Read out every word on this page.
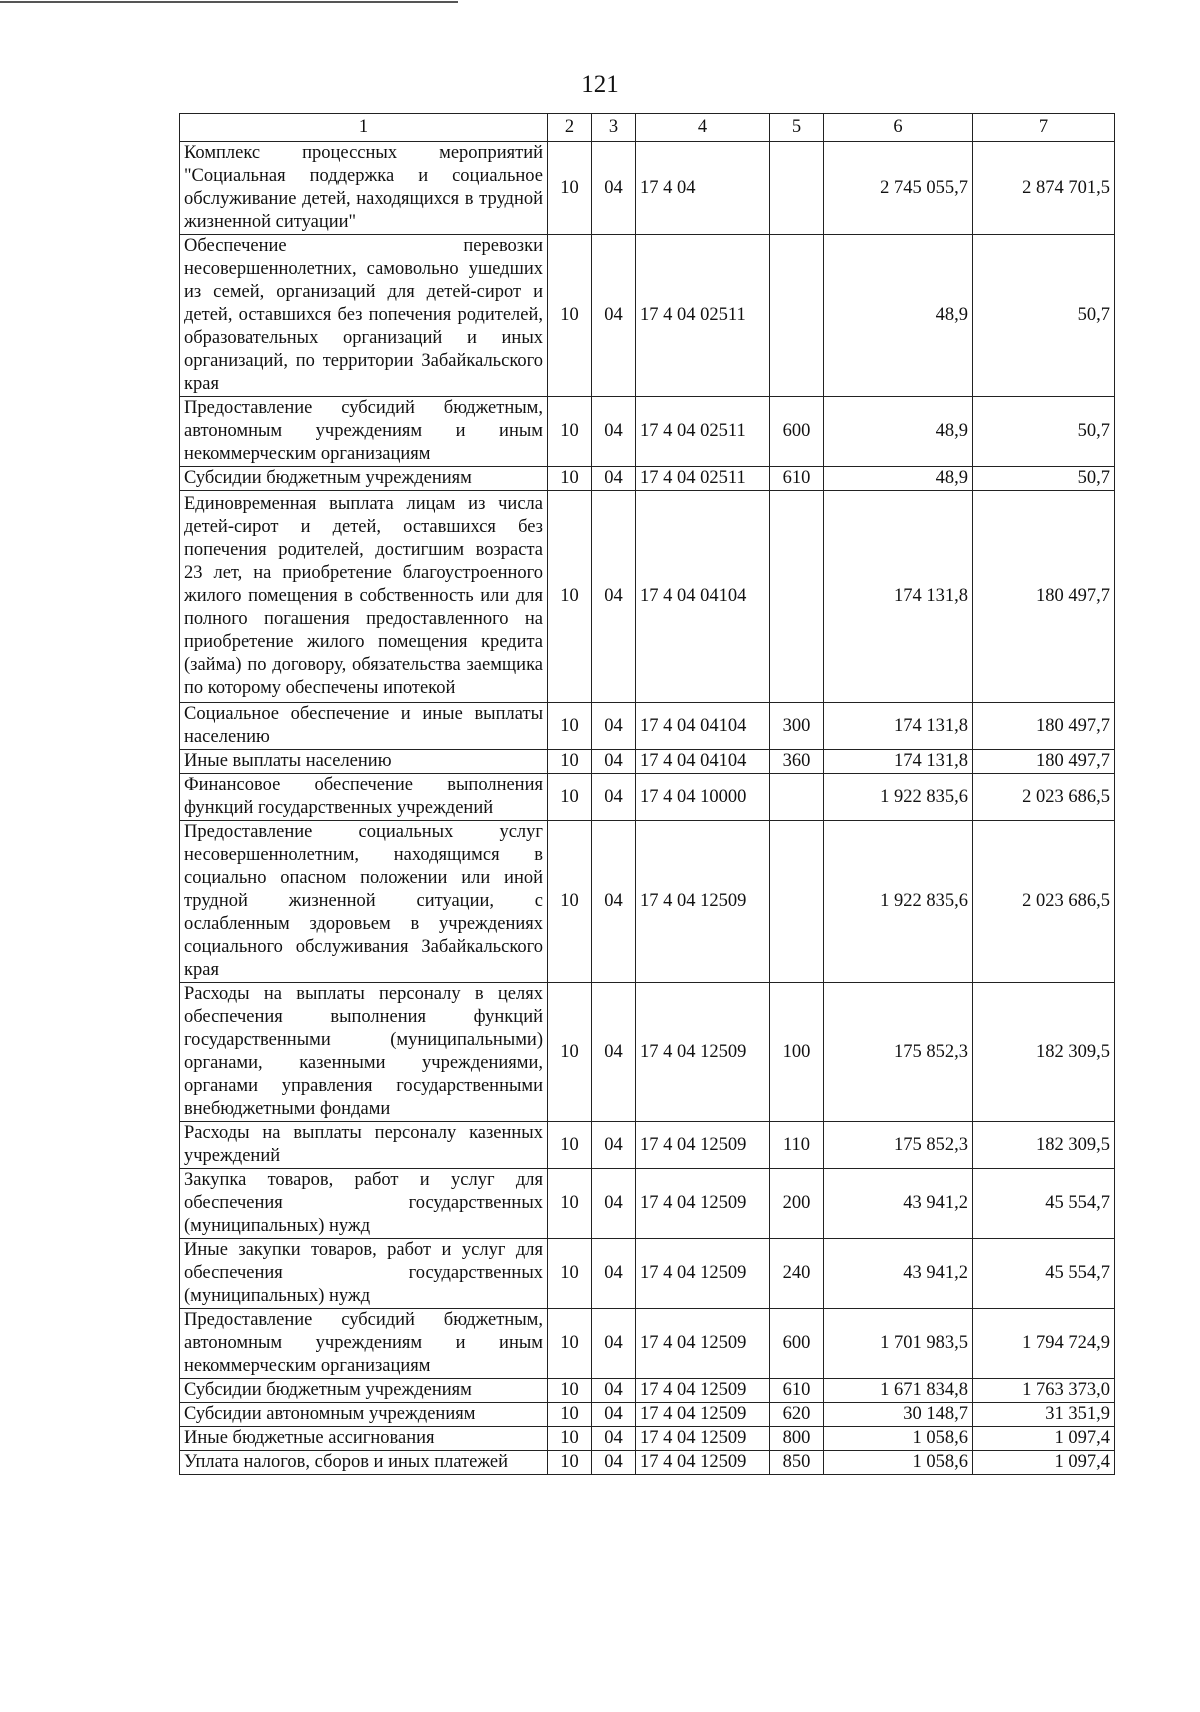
121
1	2	3	4	5	6	7
Комплекс процессных мероприятий "Социальная поддержка и социальное обслуживание детей, находящихся в трудной жизненной ситуации"	10	04	17 4 04		2 745 055,7	2 874 701,5
Обеспечение перевозки несовершеннолетних, самовольно ушедших из семей, организаций для детей-сирот и детей, оставшихся без попечения родителей, образовательных организаций и иных организаций, по территории Забайкальского края	10	04	17 4 04 02511		48,9	50,7
Предоставление субсидий бюджетным, автономным учреждениям и иным некоммерческим организациям	10	04	17 4 04 02511	600	48,9	50,7
Субсидии бюджетным учреждениям	10	04	17 4 04 02511	610	48,9	50,7
Единовременная выплата лицам из числа детей-сирот и детей, оставшихся без попечения родителей, достигшим возраста 23 лет, на приобретение благоустроенного жилого помещения в собственность или для полного погашения предоставленного на приобретение жилого помещения кредита (займа) по договору, обязательства заемщика по которому обеспечены ипотекой	10	04	17 4 04 04104		174 131,8	180 497,7
Социальное обеспечение и иные выплаты населению	10	04	17 4 04 04104	300	174 131,8	180 497,7
Иные выплаты населению	10	04	17 4 04 04104	360	174 131,8	180 497,7
Финансовое обеспечение выполнения функций государственных учреждений	10	04	17 4 04 10000		1 922 835,6	2 023 686,5
Предоставление социальных услуг несовершеннолетним, находящимся в социально опасном положении или иной трудной жизненной ситуации, с ослабленным здоровьем в учреждениях социального обслуживания Забайкальского края	10	04	17 4 04 12509		1 922 835,6	2 023 686,5
Расходы на выплаты персоналу в целях обеспечения выполнения функций государственными (муниципальными) органами, казенными учреждениями, органами управления государственными внебюджетными фондами	10	04	17 4 04 12509	100	175 852,3	182 309,5
Расходы на выплаты персоналу казенных учреждений	10	04	17 4 04 12509	110	175 852,3	182 309,5
Закупка товаров, работ и услуг для обеспечения государственных (муниципальных) нужд	10	04	17 4 04 12509	200	43 941,2	45 554,7
Иные закупки товаров, работ и услуг для обеспечения государственных (муниципальных) нужд	10	04	17 4 04 12509	240	43 941,2	45 554,7
Предоставление субсидий бюджетным, автономным учреждениям и иным некоммерческим организациям	10	04	17 4 04 12509	600	1 701 983,5	1 794 724,9
Субсидии бюджетным учреждениям	10	04	17 4 04 12509	610	1 671 834,8	1 763 373,0
Субсидии автономным учреждениям	10	04	17 4 04 12509	620	30 148,7	31 351,9
Иные бюджетные ассигнования	10	04	17 4 04 12509	800	1 058,6	1 097,4
Уплата налогов, сборов и иных платежей	10	04	17 4 04 12509	850	1 058,6	1 097,4
